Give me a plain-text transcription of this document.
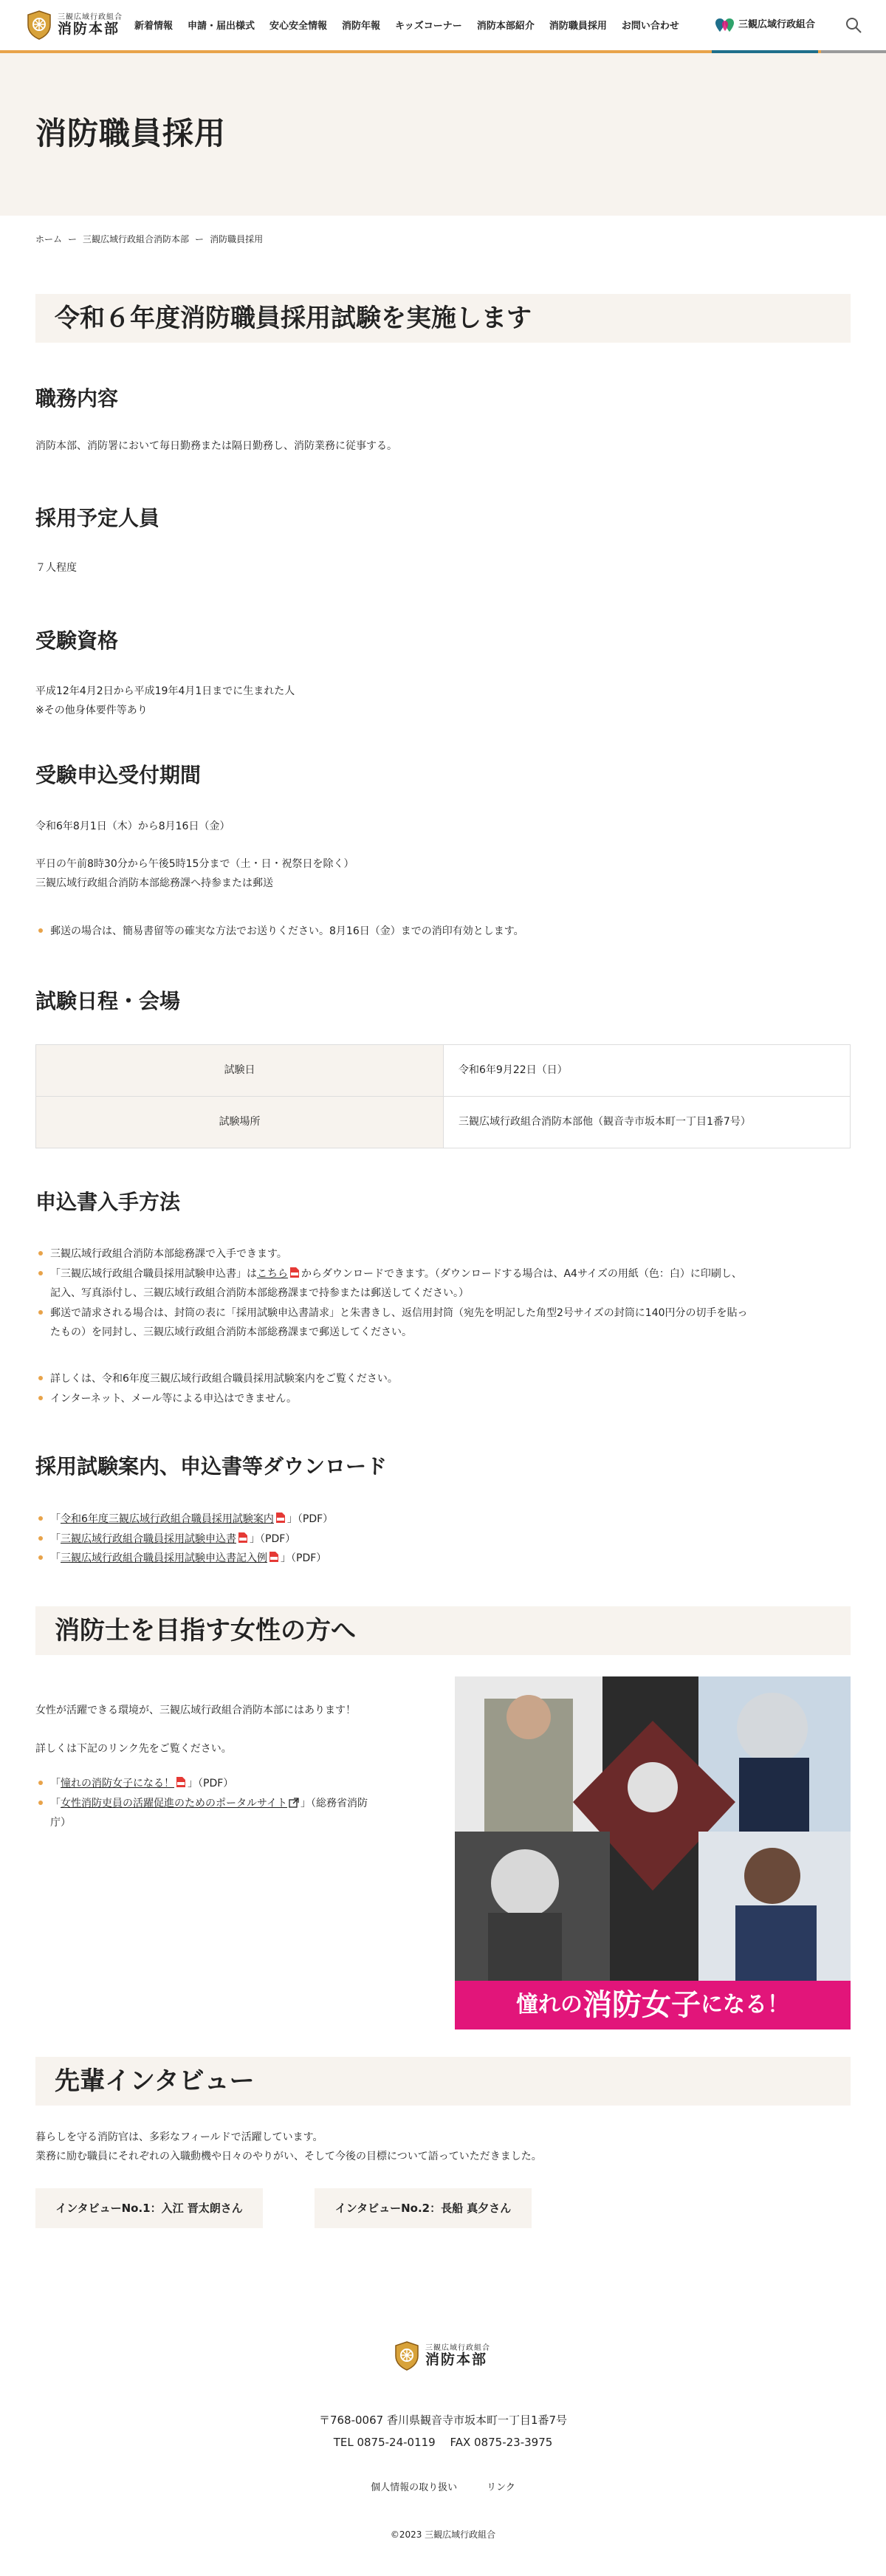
三観広域行政組合
消防本部	新着情報 申請・届出様式 安心安全情報 消防年報 キッズコーナー 消防本部紹介 消防職員採用 お問い合わせ	三観広域行政組合
消防職員採用
ホーム ー 三観広域行政組合消防本部 ー 消防職員採用
令和６年度消防職員採用試験を実施します
職務内容
消防本部、消防署において毎日勤務または隔日勤務し、消防業務に従事する。
採用予定人員
７人程度
受験資格
平成12年4月2日から平成19年4月1日までに生まれた人
※その他身体要件等あり
受験申込受付期間
令和6年8月1日（木）から8月16日（金）
平日の午前8時30分から午後5時15分まで（土・日・祝祭日を除く）
三観広域行政組合消防本部総務課へ持参または郵送
郵送の場合は、簡易書留等の確実な方法でお送りください。8月16日（金）までの消印有効とします。
試験日程・会場
試験日	令和6年9月22日（日）
試験場所	三観広域行政組合消防本部他（観音寺市坂本町一丁目1番7号）
申込書入手方法
三観広域行政組合消防本部総務課で入手できます。
「三観広域行政組合職員採用試験申込書」はこちら からダウンロードできます。（ダウンロードする場合は、A4サイズの用紙（色：白）に印刷し、
記入、写真添付し、三観広域行政組合消防本部総務課まで持参または郵送してください。）
郵送で請求される場合は、封筒の表に「採用試験申込書請求」と朱書きし、返信用封筒（宛先を明記した角型2号サイズの封筒に140円分の切手を貼っ
たもの）を同封し、三観広域行政組合消防本部総務課まで郵送してください。
詳しくは、令和6年度三観広域行政組合職員採用試験案内をご覧ください。
インターネット、メール等による申込はできません。
採用試験案内、申込書等ダウンロード
「令和6年度三観広域行政組合職員採用試験案内 」（PDF）
「三観広域行政組合職員採用試験申込書 」（PDF）
「三観広域行政組合職員採用試験申込書記入例 」（PDF）
消防士を目指す女性の方へ
女性が活躍できる環境が、三観広域行政組合消防本部にはあります！
詳しくは下記のリンク先をご覧ください。
「憧れの消防女子になる！ 」（PDF）
「女性消防吏員の活躍促進のためのポータルサイト 」（総務省消防
庁）
憧れの 消防女子 になる！
先輩インタビュー
暮らしを守る消防官は、多彩なフィールドで活躍しています。
業務に励む職員にそれぞれの入職動機や日々のやりがい、そして今後の目標について語っていただきました。
インタビューNo.1：入江 晋太朗さん	インタビューNo.2：長船 真夕さん
三観広域行政組合
消防本部
〒768-0067 香川県観音寺市坂本町一丁目1番7号
TEL 0875-24-0119　 FAX 0875-23-3975
個人情報の取り扱い	リンク
©2023 三観広域行政組合
